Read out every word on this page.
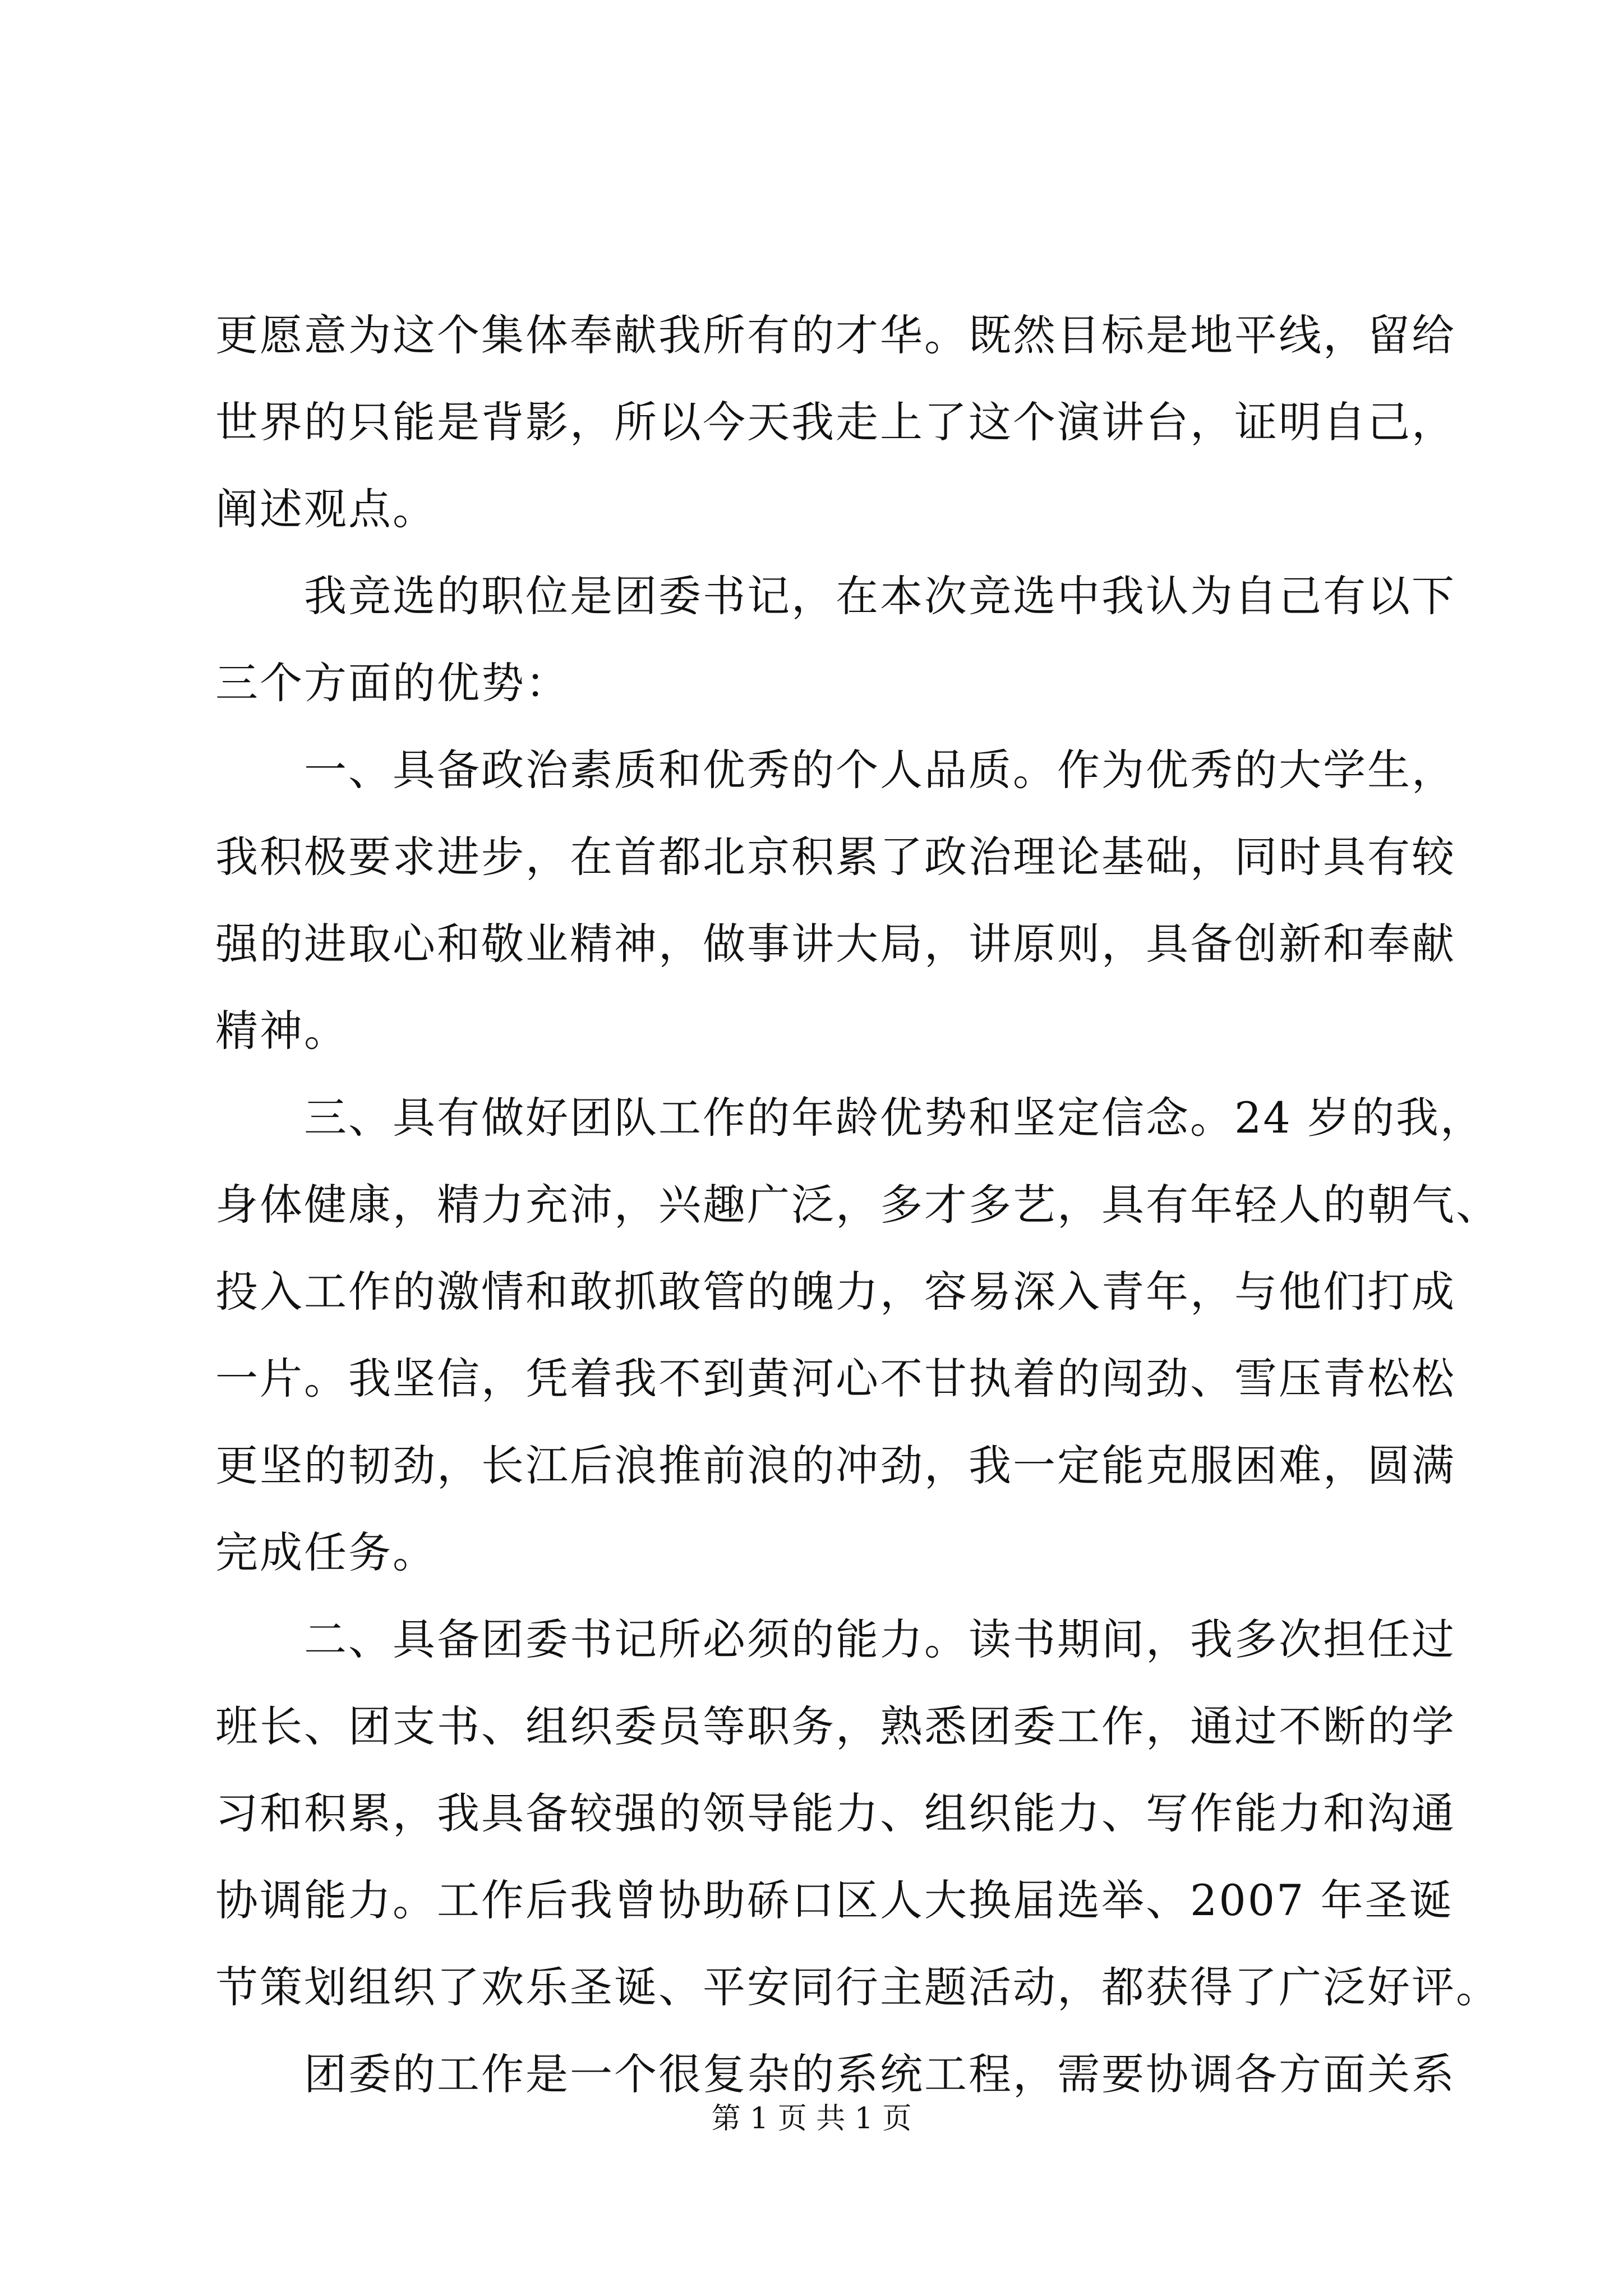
更愿意为这个集体奉献我所有的才华。既然目标是地平线，留给
世界的只能是背影，所以今天我走上了这个演讲台，证明自己，
阐述观点。
　　我竞选的职位是团委书记，在本次竞选中我认为自己有以下
三个方面的优势：
　　一、具备政治素质和优秀的个人品质。作为优秀的大学生，
我积极要求进步，在首都北京积累了政治理论基础，同时具有较
强的进取心和敬业精神，做事讲大局，讲原则，具备创新和奉献
精神。
　　三、具有做好团队工作的年龄优势和坚定信念。24 岁的我，
身体健康，精力充沛，兴趣广泛，多才多艺，具有年轻人的朝气、
投入工作的激情和敢抓敢管的魄力，容易深入青年，与他们打成
一片。我坚信，凭着我不到黄河心不甘执着的闯劲、雪压青松松
更坚的韧劲，长江后浪推前浪的冲劲，我一定能克服困难，圆满
完成任务。
　　二、具备团委书记所必须的能力。读书期间，我多次担任过
班长、团支书、组织委员等职务，熟悉团委工作，通过不断的学
习和积累，我具备较强的领导能力、组织能力、写作能力和沟通
协调能力。工作后我曾协助硚口区人大换届选举、2007 年圣诞
节策划组织了欢乐圣诞、平安同行主题活动，都获得了广泛好评。
　　团委的工作是一个很复杂的系统工程，需要协调各方面关系
第 1 页 共 1 页
